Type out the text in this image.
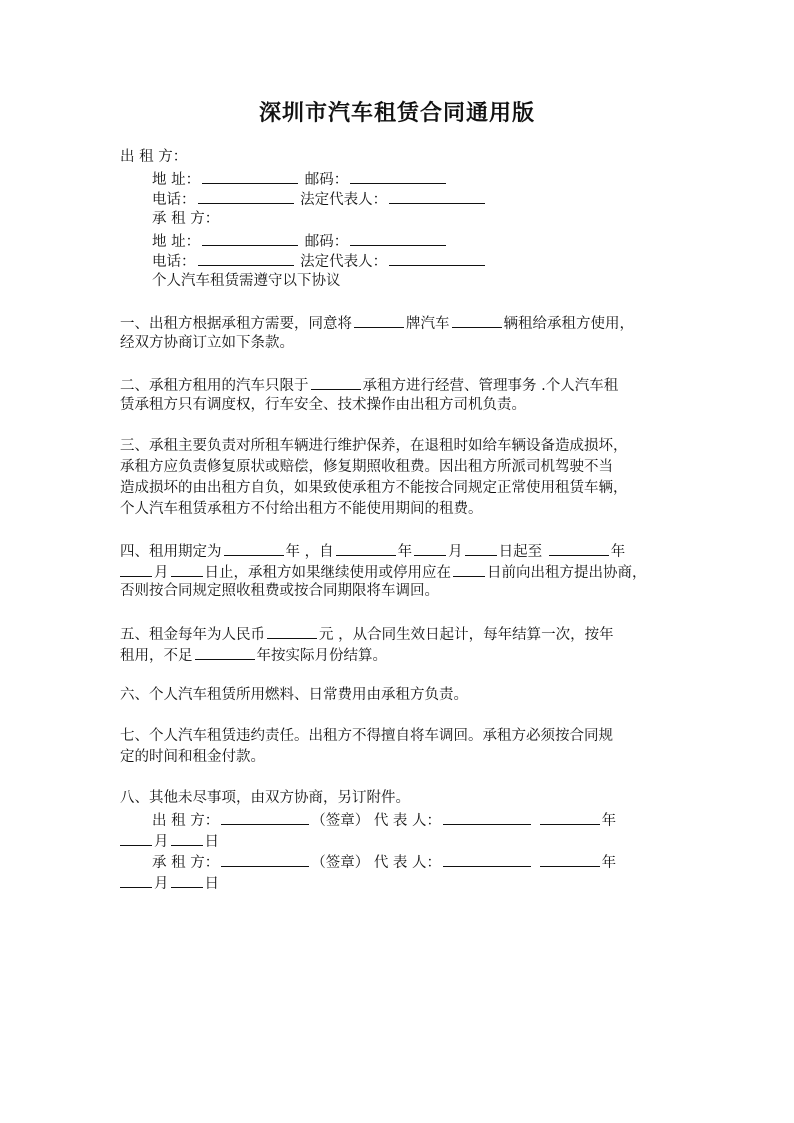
深圳市汽车租赁合同通用版
出 租 方：
地 址：	邮码：
电话：	法定代表人：
承 租 方：
地 址：	邮码：
电话：	法定代表人：
个人汽车租赁需遵守以下协议
一、出租方根据承租方需要，同意将	牌汽车	辆租给承租方使用，
经双方协商订立如下条款。
二、承租方租用的汽车只限于	承租方进行经营、管理事务 .个人汽车租
赁承租方只有调度权，行车安全、技术操作由出租方司机负责。
三、承租主要负责对所租车辆进行维护保养，在退租时如给车辆设备造成损坏，
承租方应负责修复原状或赔偿，修复期照收租费。因出租方所派司机驾驶不当
造成损坏的由出租方自负，如果致使承租方不能按合同规定正常使用租赁车辆，
个人汽车租赁承租方不付给出租方不能使用期间的租费。
四、租用期定为	年 ，自	年 月 日起至	年
月 日止，承租方如果继续使用或停用应在 日前向出租方提出协商，
否则按合同规定照收租费或按合同期限将车调回。
五、租金每年为人民币	元 ，从合同生效日起计，每年结算一次，按年
租用，不足	年按实际月份结算。
六、个人汽车租赁所用燃料、日常费用由承租方负责。
七、个人汽车租赁违约责任。出租方不得擅自将车调回。承租方必须按合同规
定的时间和租金付款。
八、其他未尽事项，由双方协商，另订附件。
出 租 方：	（签章） 代 表 人：	年
月 日
承 租 方：	（签章） 代 表 人：	年
月 日
